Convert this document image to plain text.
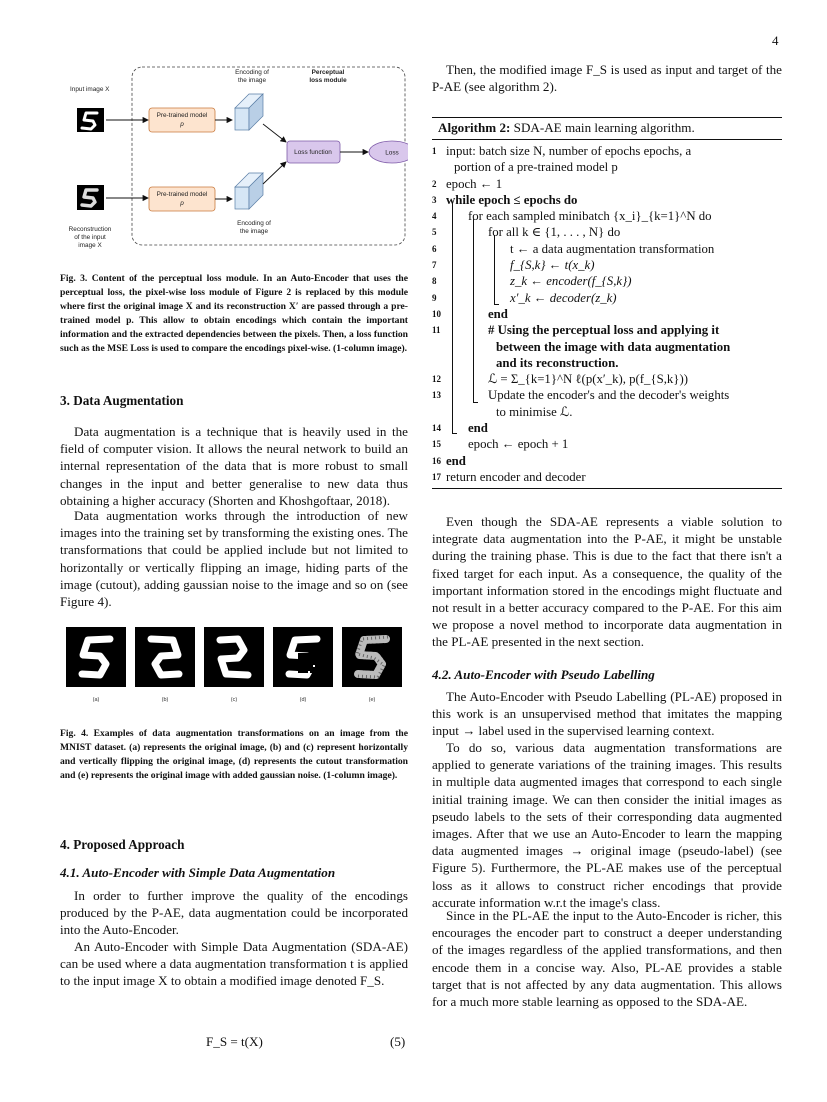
4
Input image X
Pre-trained model
p
Pre-trained model
p
Encoding of
the image
Perceptual
loss module
Encoding of
the image
Loss function	Loss
Reconstruction
of the input
image X

Fig. 3. Content of the perceptual loss module. In an Auto-Encoder that uses the perceptual loss, the pixel-wise loss module of Figure 2 is replaced by this module where first the original image X and its reconstruction X′ are passed through a pre-trained model p. This allow to obtain encodings which contain the important information and the extracted dependencies between the pixels. Then, a loss function such as the MSE Loss is used to compare the encodings pixel-wise. (1-column image).

3. Data Augmentation

Data augmentation is a technique that is heavily used in the field of computer vision. It allows the neural network to build an internal representation of the data that is more robust to small changes in the input and better generalise to new data thus obtaining a higher accuracy (Shorten and Khoshgoftaar, 2018).

Data augmentation works through the introduction of new images into the training set by transforming the existing ones. The transformations that could be applied include but not limited to horizontally or vertically flipping an image, hiding parts of the image (cutout), adding gaussian noise to the image and so on (see Figure 4).

(a)	(b)	(c)	(d)	(e)

Fig. 4. Examples of data augmentation transformations on an image from the MNIST dataset. (a) represents the original image, (b) and (c) represent horizontally and vertically flipping the original image, (d) represents the cutout transformation and (e) represents the original image with added gaussian noise. (1-column image).

4. Proposed Approach
4.1. Auto-Encoder with Simple Data Augmentation

In order to further improve the quality of the encodings produced by the P-AE, data augmentation could be incorporated into the Auto-Encoder.

An Auto-Encoder with Simple Data Augmentation (SDA-AE) can be used where a data augmentation transformation t is applied to the input image X to obtain a modified image denoted F_S.

F_S = t(X)	(5)

Then, the modified image F_S is used as input and target of the P-AE (see algorithm 2).

Algorithm 2: SDA-AE main learning algorithm.
1 input: batch size N, number of epochs epochs, a
portion of a pre-trained model p
2 epoch ← 1
3 while epoch ≤ epochs do
4	for each sampled minibatch {x_i}_{k=1}^N do
5	for all k ∈ {1, . . . , N} do
6	t ← a data augmentation transformation
7	f_{S,k} ← t(x_k)
8	z_k ← encoder(f_{S,k})
9	x′_k ← decoder(z_k)
10	end
11	# Using the perceptual loss and applying it
between the image with data augmentation
and its reconstruction.
12	ℒ = Σ_{k=1}^N ℓ(p(x′_k), p(f_{S,k}))
13	Update the encoder's and the decoder's weights
to minimise ℒ.
14 end
15 epoch ← epoch + 1
16 end
17 return encoder and decoder

Even though the SDA-AE represents a viable solution to integrate data augmentation into the P-AE, it might be unstable during the training phase. This is due to the fact that there isn't a fixed target for each input. As a consequence, the quality of the important information stored in the encodings might fluctuate and not result in a better accuracy compared to the P-AE. For this aim we propose a novel method to incorporate data augmentation in the PL-AE presented in the next section.

4.2. Auto-Encoder with Pseudo Labelling

The Auto-Encoder with Pseudo Labelling (PL-AE) proposed in this work is an unsupervised method that imitates the mapping input → label used in the supervised learning context.

To do so, various data augmentation transformations are applied to generate variations of the training images. This results in multiple data augmented images that correspond to each single initial training image. We can then consider the initial images as pseudo labels to the sets of their corresponding data augmented images. After that we use an Auto-Encoder to learn the mapping data augmented images → original image (pseudo-label) (see Figure 5). Furthermore, the PL-AE makes use of the perceptual loss as it allows to construct richer encodings that provide accurate information w.r.t the image's class.

Since in the PL-AE the input to the Auto-Encoder is richer, this encourages the encoder part to construct a deeper understanding of the images regardless of the applied transformations, and then encode them in a concise way. Also, PL-AE provides a stable target that is not affected by any data augmentation. This allows for a much more stable learning as opposed to the SDA-AE.
